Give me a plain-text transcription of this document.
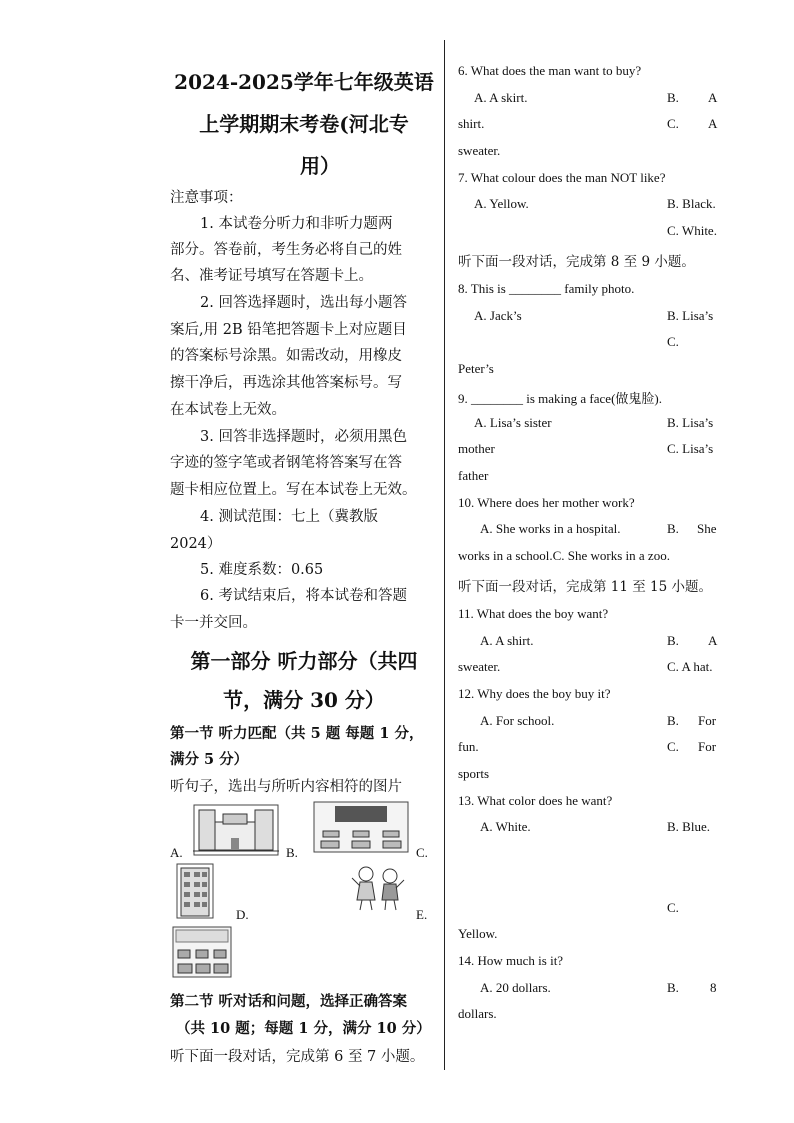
2024-2025学年七年级英语
上学期期末考卷(河北专
用）
注意事项：
1. 本试卷分听力和非听力题两
部分。答卷前，考生务必将自己的姓
名、准考证号填写在答题卡上。
2. 回答选择题时，选出每小题答
案后,用 2B 铅笔把答题卡上对应题目
的答案标号涂黑。如需改动，用橡皮
擦干净后，再选涂其他答案标号。写
在本试卷上无效。
3. 回答非选择题时，必须用黑色
字迹的签字笔或者钢笔将答案写在答
题卡相应位置上。写在本试卷上无效。
4. 测试范围：七上（冀教版
2024）
5. 难度系数：0.65
6. 考试结束后，将本试卷和答题
卡一并交回。
第一部分 听力部分（共四
节，满分 30 分）
第一节 听力匹配（共 5 题 每题 1 分，
满分 5 分）
听句子，选出与所听内容相符的图片
A.	B.	C.
D.	E.
第二节 听对话和问题，选择正确答案
（共 10 题；每题 1 分，满分 10 分）
听下面一段对话，完成第 6 至 7 小题。
6. What does the man want to buy?
A. A skirt.	B. A
shirt.	C. A
sweater.
7. What colour does the man NOT like?
A. Yellow.	B. Black.
C. White.
听下面一段对话，完成第 8 至 9 小题。
8. This is ________ family photo.
A. Jack’s	B. Lisa’s
C.
Peter’s
9. ________ is making a face(做鬼脸).
A. Lisa’s sister	B. Lisa’s
mother	C. Lisa’s
father
10. Where does her mother work?
A. She works in a hospital.	B. She
works in a school.C. She works in a zoo.
听下面一段对话，完成第 11 至 15 小题。
11. What does the boy want?
A. A shirt.	B. A
sweater.	C. A hat.
12. Why does the boy buy it?
A. For school.	B. For
fun.	C. For
sports
13. What color does he want?
A. White.	B. Blue.
C.
Yellow.
14. How much is it?
A. 20 dollars.	B. 8
dollars.
